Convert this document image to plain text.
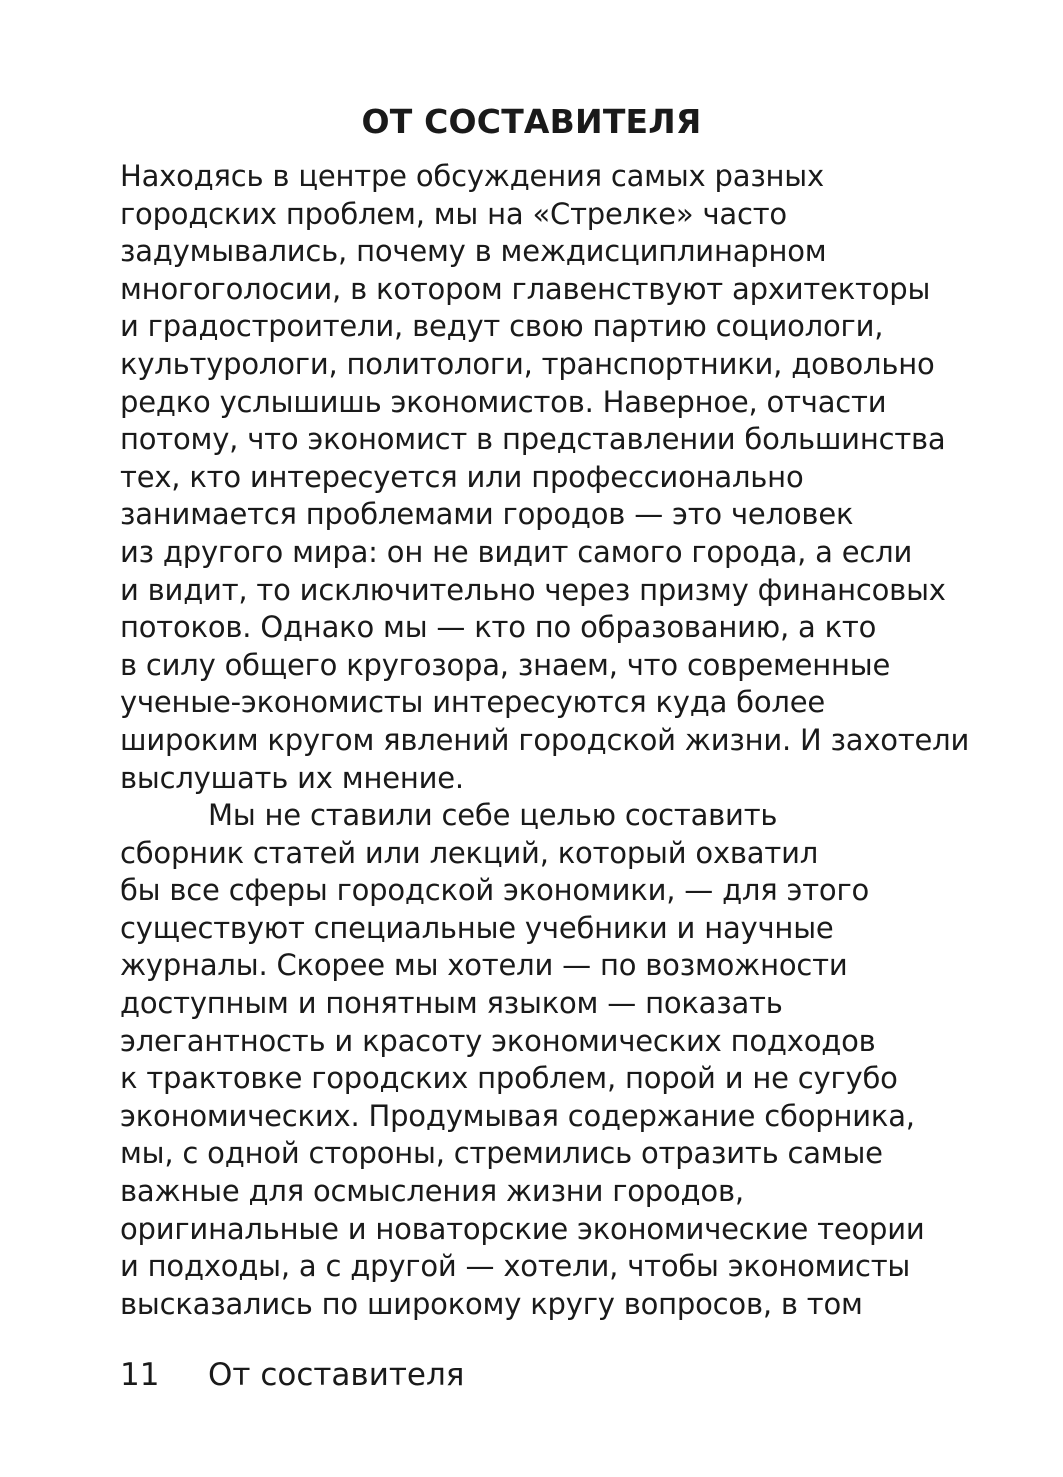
ОТ СОСТАВИТЕЛЯ
Находясь в центре обсуждения самых разных
городских проблем, мы на «Стрелке» часто
задумывались, почему в междисциплинарном
многоголосии, в котором главенствуют архитекторы
и градостроители, ведут свою партию социологи,
культурологи, политологи, транспортники, довольно
редко услышишь экономистов. Наверное, отчасти
потому, что экономист в представлении большинства
тех, кто интересуется или профессионально
занимается проблемами городов — это человек
из другого мира: он не видит самого города, а если
и видит, то исключительно через призму финансовых
потоков. Однако мы — кто по образованию, а кто
в силу общего кругозора, знаем, что современные
ученые-экономисты интересуются куда более
широким кругом явлений городской жизни. И захотели
выслушать их мнение.
Мы не ставили себе целью составить
сборник статей или лекций, который охватил
бы все сферы городской экономики, — для этого
существуют специальные учебники и научные
журналы. Скорее мы хотели — по возможности
доступным и понятным языком — показать
элегантность и красоту экономических подходов
к трактовке городских проблем, порой и не сугубо
экономических. Продумывая содержание сборника,
мы, с одной стороны, стремились отразить самые
важные для осмысления жизни городов,
оригинальные и новаторские экономические теории
и подходы, а с другой — хотели, чтобы экономисты
высказались по широкому кругу вопросов, в том
11 От составителя
